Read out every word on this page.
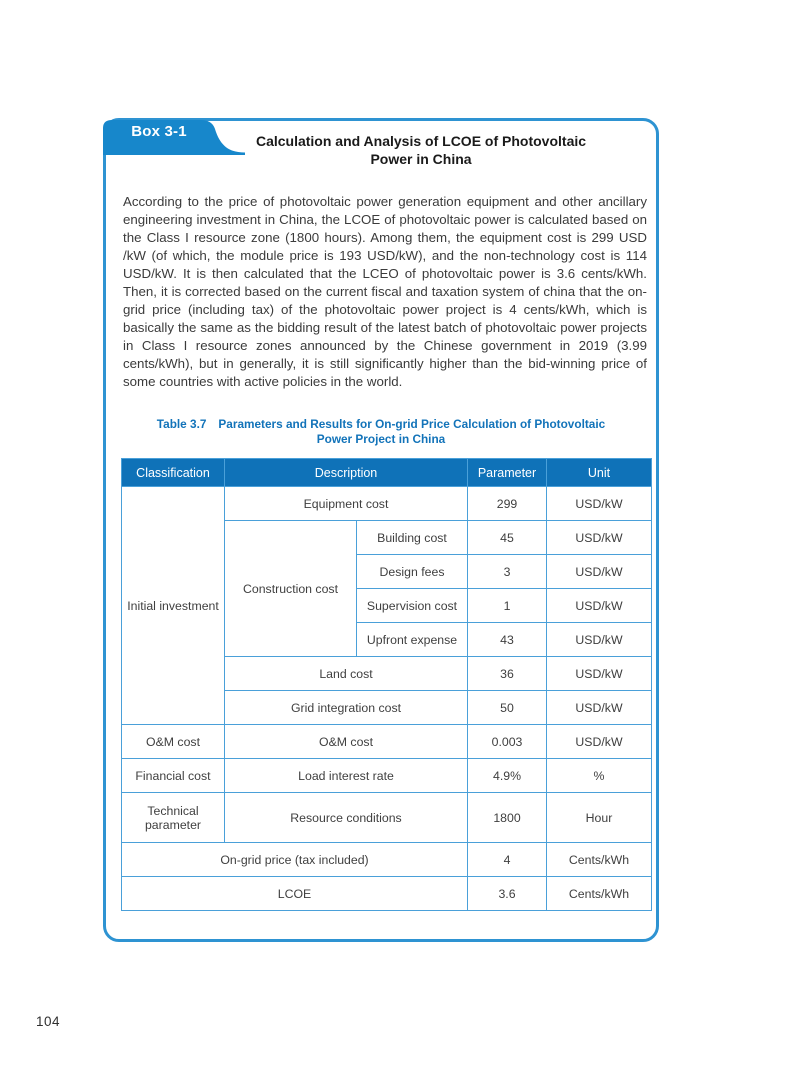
Box 3-1
Calculation and Analysis of LCOE of Photovoltaic
Power in China

According to the price of photovoltaic power generation equipment and other ancillary engineering investment in China, the LCOE of photovoltaic power is calculated based on the Class I resource zone (1800 hours). Among them, the equipment cost is 299 USD /kW (of which, the module price is 193 USD/kW), and the non-technology cost is 114 USD/kW. It is then calculated that the LCEO of photovoltaic power is 3.6 cents/kWh. Then, it is corrected based on the current fiscal and taxation system of china that the on-grid price (including tax) of the photovoltaic power project is 4 cents/kWh, which is basically the same as the bidding result of the latest batch of photovoltaic power projects in Class I resource zones announced by the Chinese government in 2019 (3.99 cents/kWh), but in generally, it is still significantly higher than the bid-winning price of some countries with active policies in the world.

Table 3.7 Parameters and Results for On-grid Price Calculation of Photovoltaic
Power Project in China
Classification	Description		Parameter	Unit
Initial investment	Equipment cost		299	USD/kW
	Construction cost	Building cost	45	USD/kW
		Design fees	3	USD/kW
		Supervision cost	1	USD/kW
		Upfront expense	43	USD/kW
	Land cost		36	USD/kW
	Grid integration cost		50	USD/kW
O&M cost	O&M cost		0.003	USD/kW
Financial cost	Load interest rate		4.9%	%
Technical parameter	Resource conditions		1800	Hour
On-grid price (tax included)			4	Cents/kWh
LCOE			3.6	Cents/kWh
104
